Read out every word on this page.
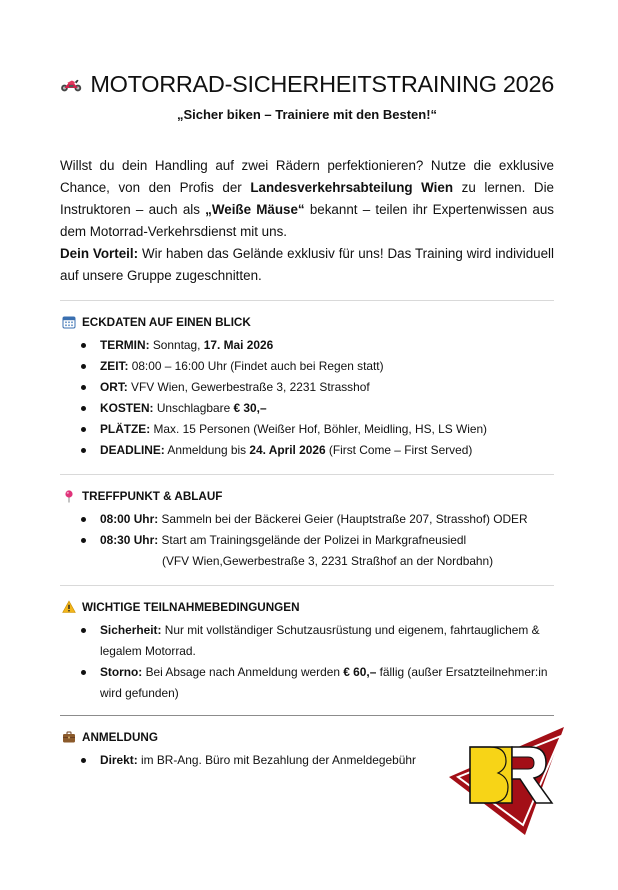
MOTORRAD-SICHERHEITSTRAINING 2026
„Sicher biken – Trainiere mit den Besten!“
Willst du dein Handling auf zwei Rädern perfektionieren? Nutze die exklusive Chance, von den Profis der Landesverkehrsabteilung Wien zu lernen. Die Instruktoren – auch als „Weiße Mäuse“ bekannt – teilen ihr Expertenwissen aus dem Motorrad-Verkehrsdienst mit uns.
Dein Vorteil: Wir haben das Gelände exklusiv für uns! Das Training wird individuell auf unsere Gruppe zugeschnitten.
ECKDATEN AUF EINEN BLICK
TERMIN: Sonntag, 17. Mai 2026
ZEIT: 08:00 – 16:00 Uhr (Findet auch bei Regen statt)
ORT: VFV Wien, Gewerbestraße 3, 2231 Strasshof
KOSTEN: Unschlagbare € 30,–
PLÄTZE: Max. 15 Personen (Weißer Hof, Böhler, Meidling, HS, LS Wien)
DEADLINE: Anmeldung bis 24. April 2026 (First Come – First Served)
TREFFPUNKT & ABLAUF
08:00 Uhr: Sammeln bei der Bäckerei Geier (Hauptstraße 207, Strasshof) ODER
08:30 Uhr: Start am Trainingsgelände der Polizei in Markgrafneusiedl
(VFV Wien,Gewerbestraße 3, 2231 Straßhof an der Nordbahn)
WICHTIGE TEILNAHMEBEDINGUNGEN
Sicherheit: Nur mit vollständiger Schutzausrüstung und eigenem, fahrtauglichem & legalem Motorrad.
Storno: Bei Absage nach Anmeldung werden € 60,– fällig (außer Ersatzteilnehmer:in wird gefunden)
ANMELDUNG
Direkt: im BR-Ang. Büro mit Bezahlung der Anmeldegebühr
